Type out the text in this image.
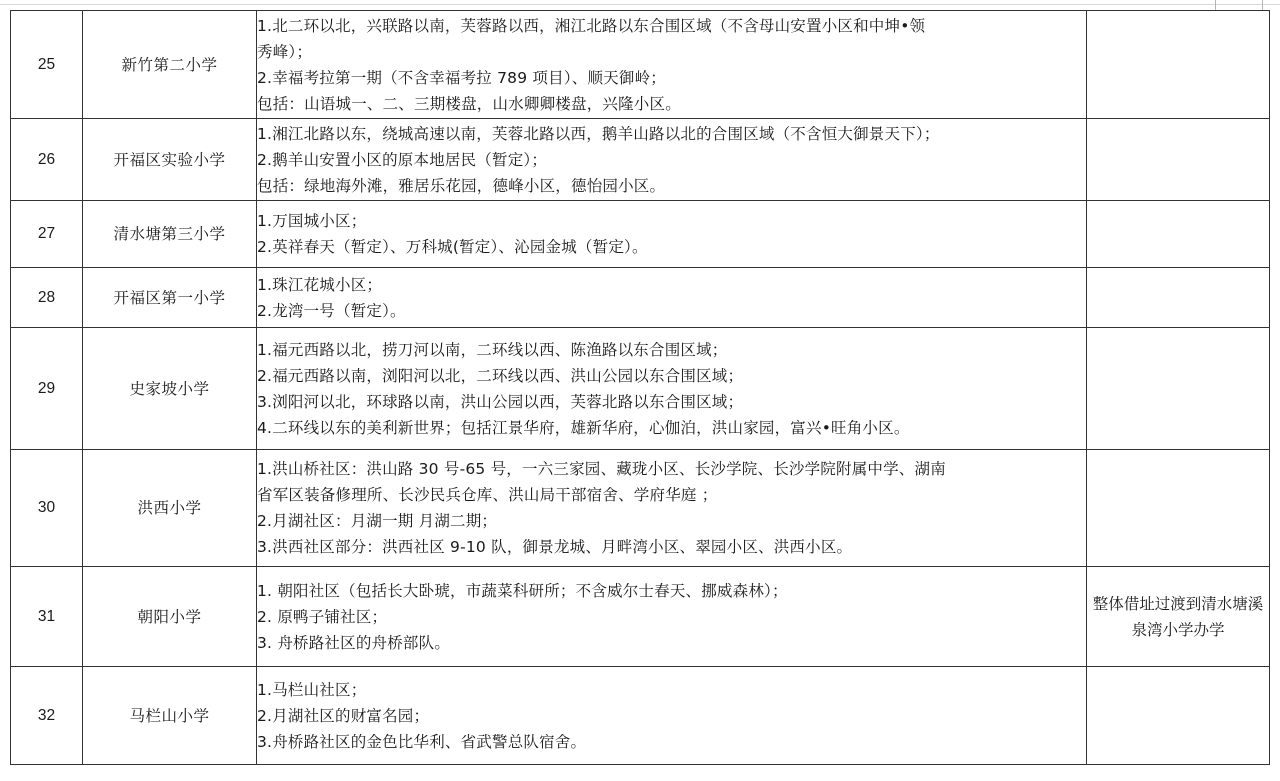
25	新竹第二小学	1.北二环以北，兴联路以南，芙蓉路以西，湘江北路以东合围区域（不含母山安置小区和中坤•领
秀峰）；
2.幸福考拉第一期（不含幸福考拉 789 项目）、顺天御岭；
包括：山语城一、二、三期楼盘，山水卿卿楼盘，兴隆小区。	
26	开福区实验小学	1.湘江北路以东，绕城高速以南，芙蓉北路以西，鹅羊山路以北的合围区域（不含恒大御景天下）；
2.鹅羊山安置小区的原本地居民（暂定）；
包括：绿地海外滩，雅居乐花园，德峰小区，德怡园小区。	
27	清水塘第三小学	1.万国城小区；
2.英祥春天（暂定）、万科城(暂定）、沁园金城（暂定）。	
28	开福区第一小学	1.珠江花城小区；
2.龙湾一号（暂定）。	
29	史家坡小学	1.福元西路以北，捞刀河以南，二环线以西、陈渔路以东合围区域；
2.福元西路以南，浏阳河以北，二环线以西、洪山公园以东合围区域；
3.浏阳河以北，环球路以南，洪山公园以西，芙蓉北路以东合围区域；
4.二环线以东的美利新世界；包括江景华府，雄新华府，心伽泊，洪山家园，富兴•旺角小区。	
30	洪西小学	1.洪山桥社区：洪山路 30 号-65 号，一六三家园、藏珑小区、长沙学院、长沙学院附属中学、湖南
省军区装备修理所、长沙民兵仓库、洪山局干部宿舍、学府华庭 ；
2.月湖社区：月湖一期 月湖二期；
3.洪西社区部分：洪西社区 9-10 队，御景龙城、月畔湾小区、翠园小区、洪西小区。	
31	朝阳小学	1. 朝阳社区（包括长大卧琥，市蔬菜科研所；不含威尔士春天、挪威森林）；
2. 原鸭子铺社区；
3. 舟桥路社区的舟桥部队。	整体借址过渡到清水塘溪泉湾小学办学
32	马栏山小学	1.马栏山社区；
2.月湖社区的财富名园；
3.舟桥路社区的金色比华利、省武警总队宿舍。	
